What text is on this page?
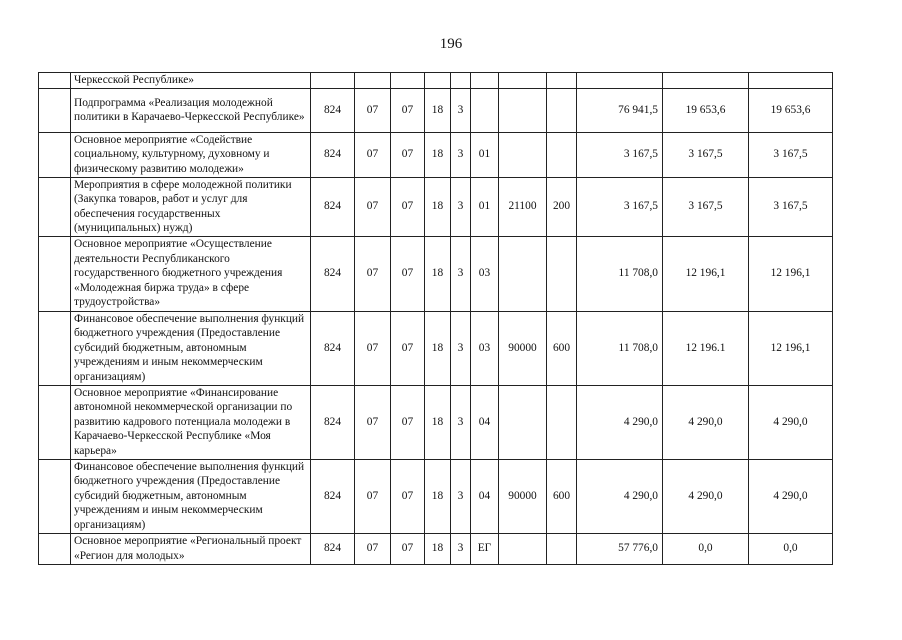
196
	Черкесской Республике»											
	Подпрограмма «Реализация молодежной политики в Карачаево-Черкесской Республике»	824	07	07	18	3				76 941,5	19 653,6	19 653,6
	Основное мероприятие «Содействие социальному, культурному, духовному и физическому развитию молодежи»	824	07	07	18	3	01			3 167,5	3 167,5	3 167,5
	Мероприятия в сфере молодежной политики (Закупка товаров, работ и услуг для обеспечения государственных (муниципальных) нужд)	824	07	07	18	3	01	21100	200	3 167,5	3 167,5	3 167,5
	Основное мероприятие «Осуществление деятельности Республиканского государственного бюджетного учреждения «Молодежная биржа труда» в сфере трудоустройства»	824	07	07	18	3	03			11 708,0	12 196,1	12 196,1
	Финансовое обеспечение выполнения функций бюджетного учреждения (Предоставление субсидий бюджетным, автономным учреждениям и иным некоммерческим организациям)	824	07	07	18	3	03	90000	600	11 708,0	12 196.1	12 196,1
	Основное мероприятие «Финансирование автономной некоммерческой организации по развитию кадрового потенциала молодежи в Карачаево-Черкесской Республике «Моя карьера»	824	07	07	18	3	04			4 290,0	4 290,0	4 290,0
	Финансовое обеспечение выполнения функций бюджетного учреждения (Предоставление субсидий бюджетным, автономным учреждениям и иным некоммерческим организациям)	824	07	07	18	3	04	90000	600	4 290,0	4 290,0	4 290,0
	Основное мероприятие «Региональный проект «Регион для молодых»	824	07	07	18	3	EГ			57 776,0	0,0	0,0
